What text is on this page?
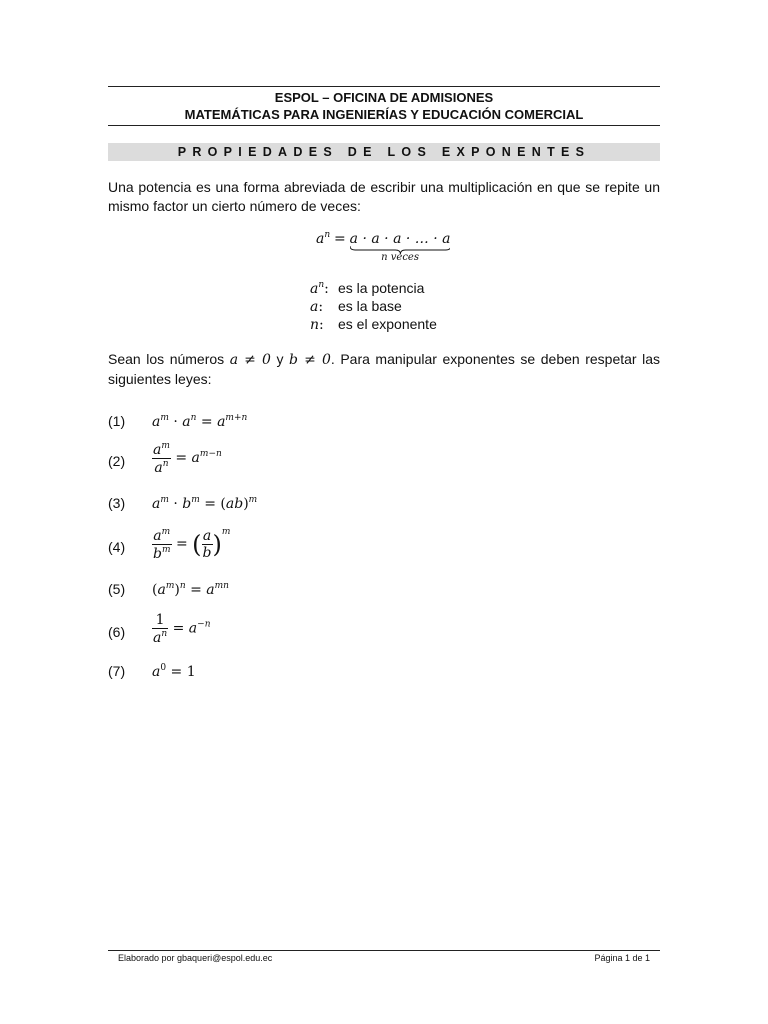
ESPOL – OFICINA DE ADMISIONES
MATEMÁTICAS PARA INGENIERÍAS Y EDUCACIÓN COMERCIAL
PROPIEDADES DE LOS EXPONENTES
Una potencia es una forma abreviada de escribir una multiplicación en que se repite un mismo factor un cierto número de veces:
$a^n = a \cdot a \cdot a$ · … · a
n veces
$a^n$: es la potencia
a: es la base
n: es el exponente
Sean los números a ≠ 0 y b ≠ 0. Para manipular exponentes se deben respetar las siguientes leyes:
(1) $a^m \cdot a^n = a^{m+n}$
$(2) \frac{a^m}{a^n} = a^{m-n}$
(3) $a^m \cdot b^m = (ab)^m$
$(4) \frac{a^m}{b^m}$ = ( $\frac{a}{b} )^m$
(5) $(a^m)^n = a^{mn}$
$(6) \frac{1}{a^n} = a^{-n}$
(7) $a^0 = 1$
Elaborado por gbaqueri@espol.edu.ec	Página 1 de 1
